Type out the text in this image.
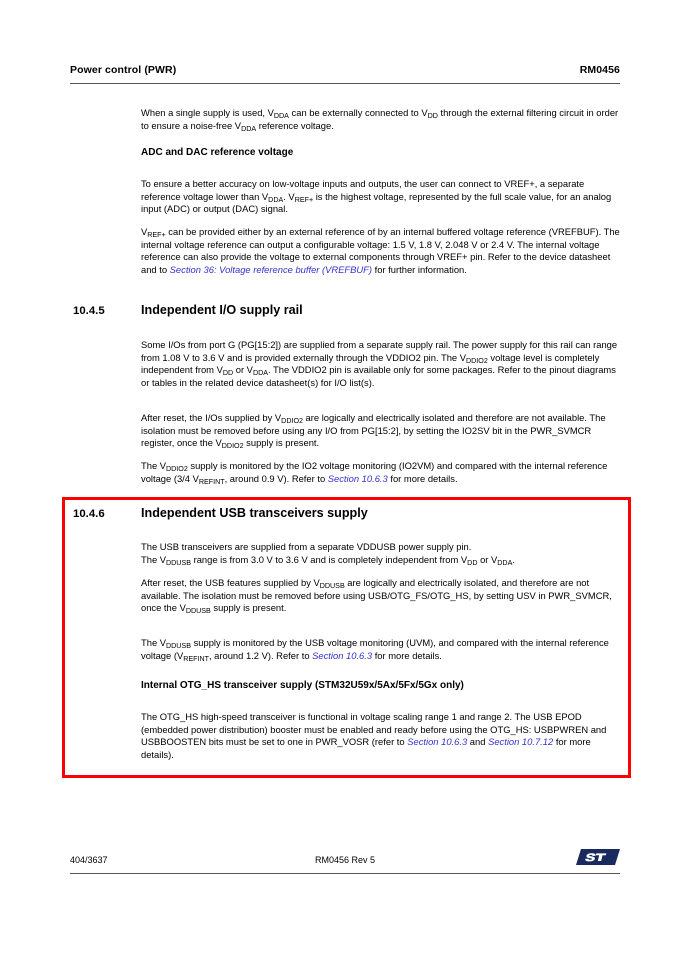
Power control (PWR)	RM0456

When a single supply is used, $V_{DDA}$ can be externally connected to $V_{DD}$ through the external filtering circuit in order to ensure a noise-free $V_{DDA}$ reference voltage.

ADC and DAC reference voltage

To ensure a better accuracy on low-voltage inputs and outputs, the user can connect to VREF+, a separate reference voltage lower than $V_{DDA}$. $V_{REF+}$ is the highest voltage, represented by the full scale value, for an analog input (ADC) or output (DAC) signal.

$V_{REF+}$ can be provided either by an external reference of by an internal buffered voltage reference (VREFBUF). The internal voltage reference can output a configurable voltage: 1.5 V, 1.8 V, 2.048 V or 2.4 V. The internal voltage reference can also provide the voltage to external components through VREF+ pin. Refer to the device datasheet and to Section 36: Voltage reference buffer (VREFBUF) for further information.

10.4.5	Independent I/O supply rail

Some I/Os from port G (PG[15:2]) are supplied from a separate supply rail. The power supply for this rail can range from 1.08 V to 3.6 V and is provided externally through the VDDIO2 pin. The $V_{DDIO2}$ voltage level is completely independent from $V_{DD}$ or $V_{DDA}$. The VDDIO2 pin is available only for some packages. Refer to the pinout diagrams or tables in the related device datasheet(s) for I/O list(s).

After reset, the I/Os supplied by $V_{DDIO2}$ are logically and electrically isolated and therefore are not available. The isolation must be removed before using any I/O from PG[15:2], by setting the IO2SV bit in the PWR_SVMCR register, once the $V_{DDIO2}$ supply is present.

The $V_{DDIO2}$ supply is monitored by the IO2 voltage monitoring (IO2VM) and compared with the internal reference voltage (3/4 $V_{REFINT}$, around 0.9 V). Refer to Section 10.6.3 for more details.

10.4.6	Independent USB transceivers supply

The USB transceivers are supplied from a separate VDDUSB power supply pin.
The $V_{DDUSB}$ range is from 3.0 V to 3.6 V and is completely independent from $V_{DD}$ or $V_{DDA}$.

After reset, the USB features supplied by $V_{DDUSB}$ are logically and electrically isolated, and therefore are not available. The isolation must be removed before using USB/OTG_FS/OTG_HS, by setting USV in PWR_SVMCR, once the $V_{DDUSB}$ supply is present.

The $V_{DDUSB}$ supply is monitored by the USB voltage monitoring (UVM), and compared with the internal reference voltage ($V_{REFINT}$, around 1.2 V). Refer to Section 10.6.3 for more details.

Internal OTG_HS transceiver supply (STM32U59x/5Ax/5Fx/5Gx only)

The OTG_HS high-speed transceiver is functional in voltage scaling range 1 and range 2. The USB EPOD (embedded power distribution) booster must be enabled and ready before using the OTG_HS: USBPWREN and USBBOOSTEN bits must be set to one in PWR_VOSR (refer to Section 10.6.3 and Section 10.7.12 for more details).

404/3637	RM0456 Rev 5
